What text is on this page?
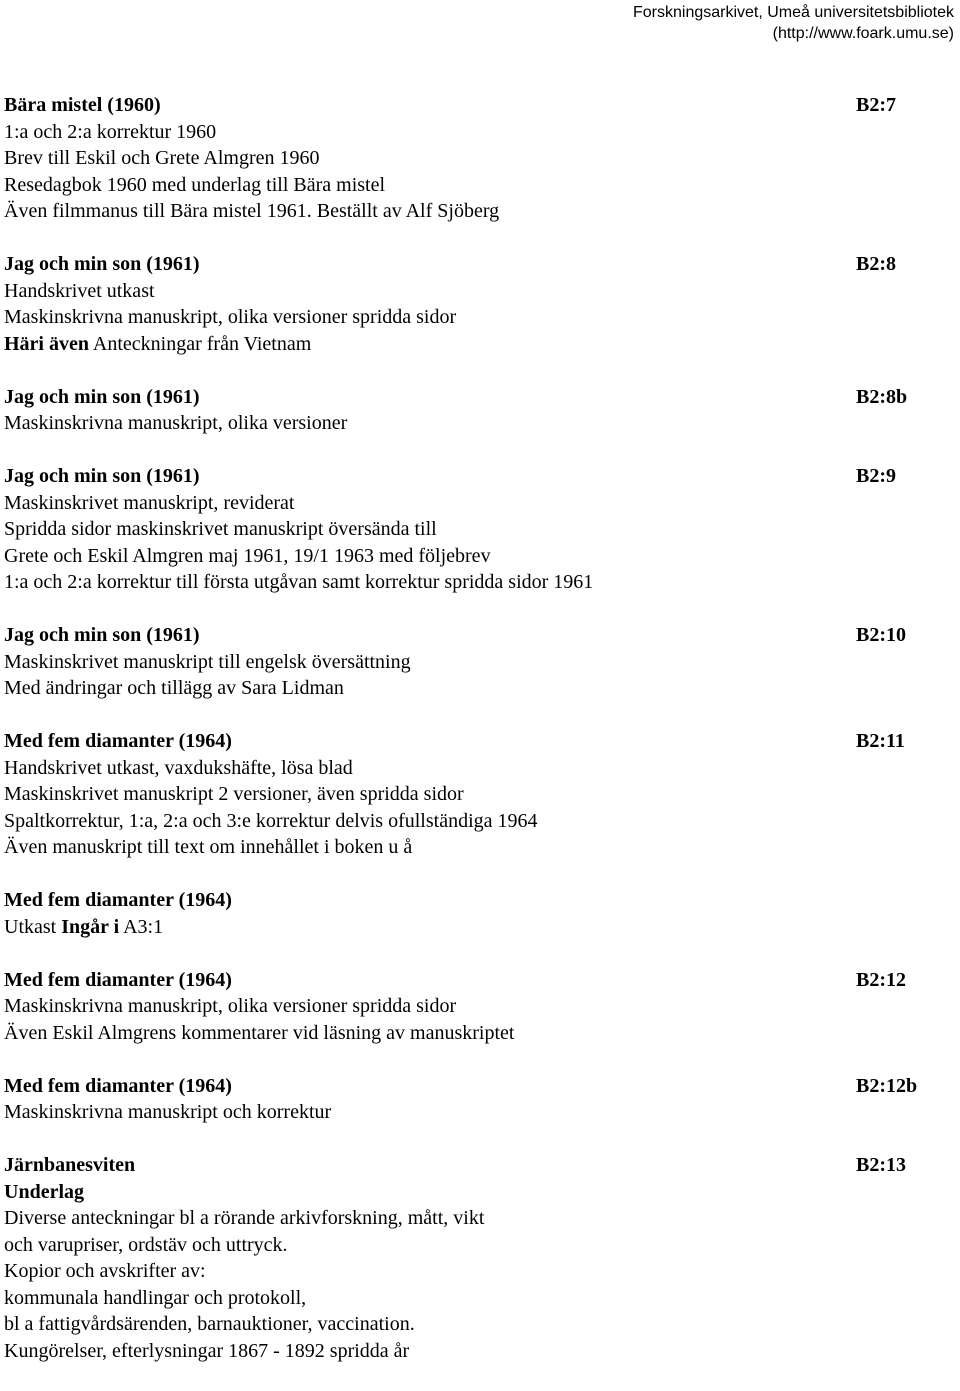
Forskningsarkivet, Umeå universitetsbibliotek
(http://www.foark.umu.se)
Bära mistel (1960)	B2:7
1:a och 2:a korrektur 1960
Brev till Eskil och Grete Almgren 1960
Resedagbok 1960 med underlag till Bära mistel
Även filmmanus till Bära mistel 1961. Beställt av Alf Sjöberg
Jag och min son (1961)	B2:8
Handskrivet utkast
Maskinskrivna manuskript, olika versioner spridda sidor
Häri även Anteckningar från Vietnam
Jag och min son (1961)	B2:8b
Maskinskrivna manuskript, olika versioner
Jag och min son (1961)	B2:9
Maskinskrivet manuskript, reviderat
Spridda sidor maskinskrivet manuskript översända till
Grete och Eskil Almgren maj 1961, 19/1 1963 med följebrev
1:a och 2:a korrektur till första utgåvan samt korrektur spridda sidor 1961
Jag och min son (1961)	B2:10
Maskinskrivet manuskript till engelsk översättning
Med ändringar och tillägg av Sara Lidman
Med fem diamanter (1964)	B2:11
Handskrivet utkast, vaxdukshäfte, lösa blad
Maskinskrivet manuskript 2 versioner, även spridda sidor
Spaltkorrektur, 1:a, 2:a och 3:e korrektur delvis ofullständiga 1964
Även manuskript till text om innehållet i boken u å
Med fem diamanter (1964)
Utkast Ingår i A3:1
Med fem diamanter (1964)	B2:12
Maskinskrivna manuskript, olika versioner spridda sidor
Även Eskil Almgrens kommentarer vid läsning av manuskriptet
Med fem diamanter (1964)	B2:12b
Maskinskrivna manuskript och korrektur
Järnbanesviten	B2:13
Underlag
Diverse anteckningar bl a rörande arkivforskning, mått, vikt
och varupriser, ordstäv och uttryck.
Kopior och avskrifter av:
kommunala handlingar och protokoll,
bl a fattigvårdsärenden, barnauktioner, vaccination.
Kungörelser, efterlysningar 1867 - 1892 spridda år
